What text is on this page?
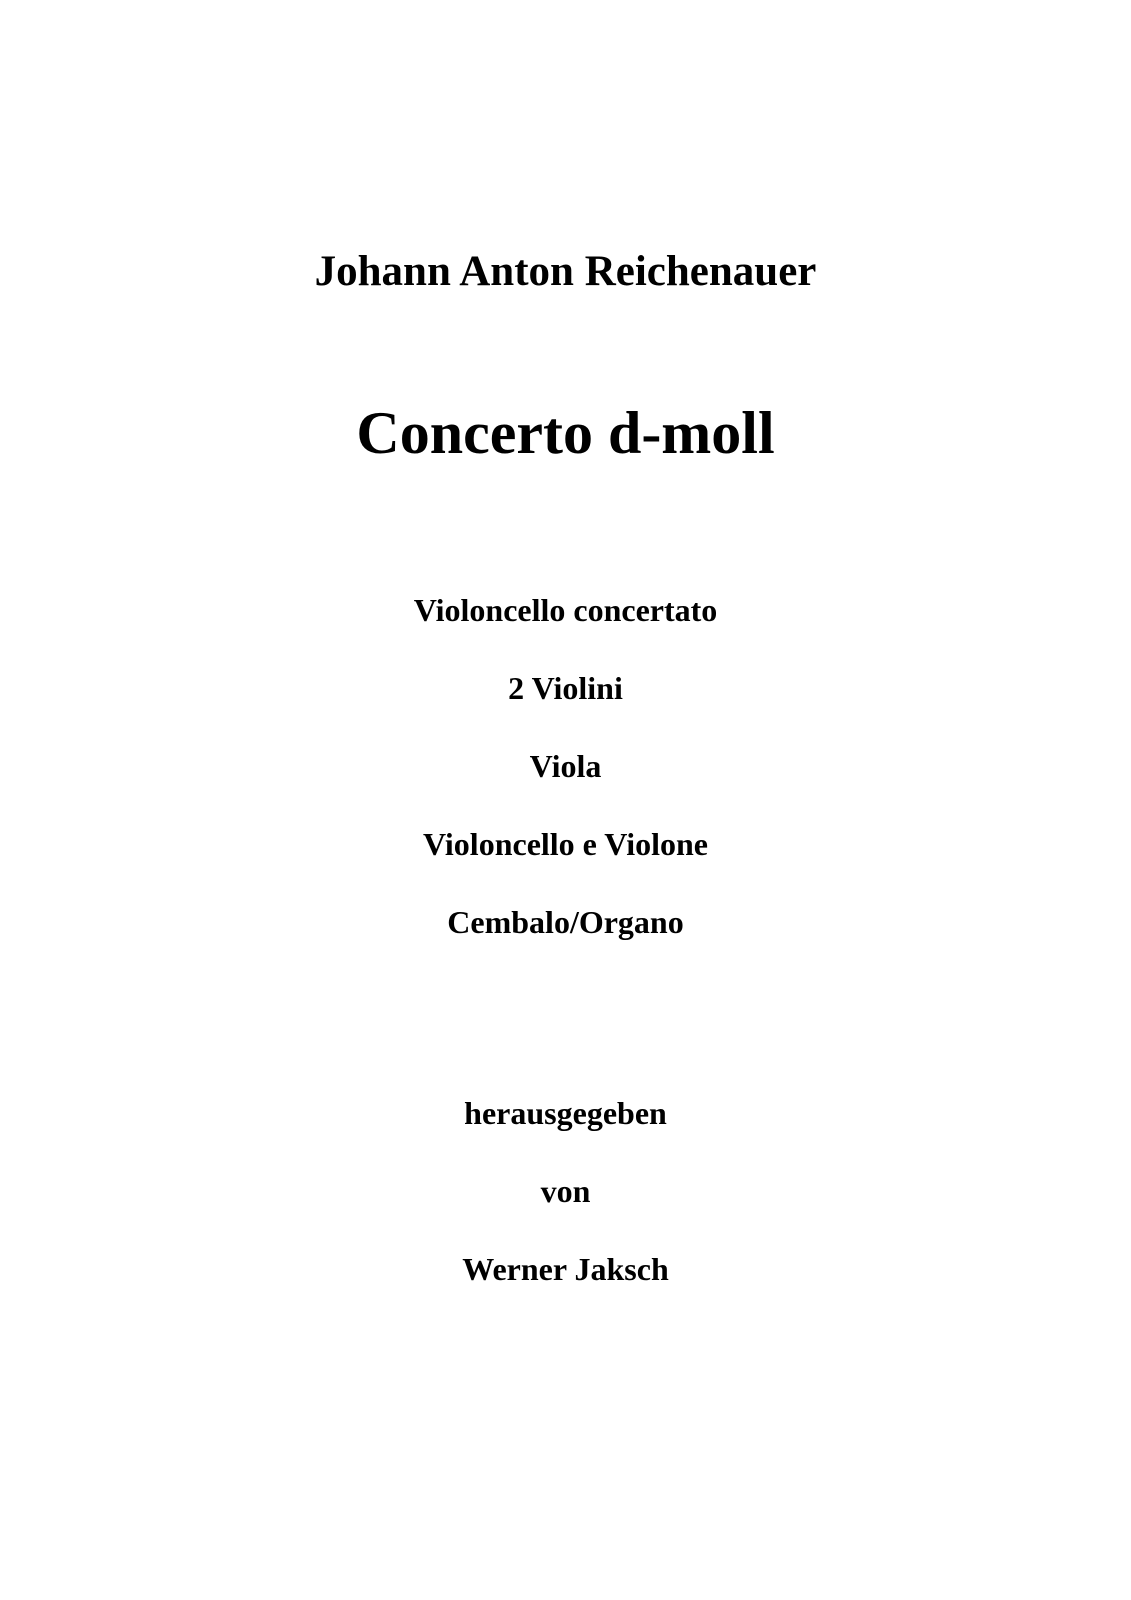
Johann Anton Reichenauer
Concerto d-moll
Violoncello concertato
2 Violini
Viola
Violoncello e Violone
Cembalo/Organo
herausgegeben
von
Werner Jaksch
